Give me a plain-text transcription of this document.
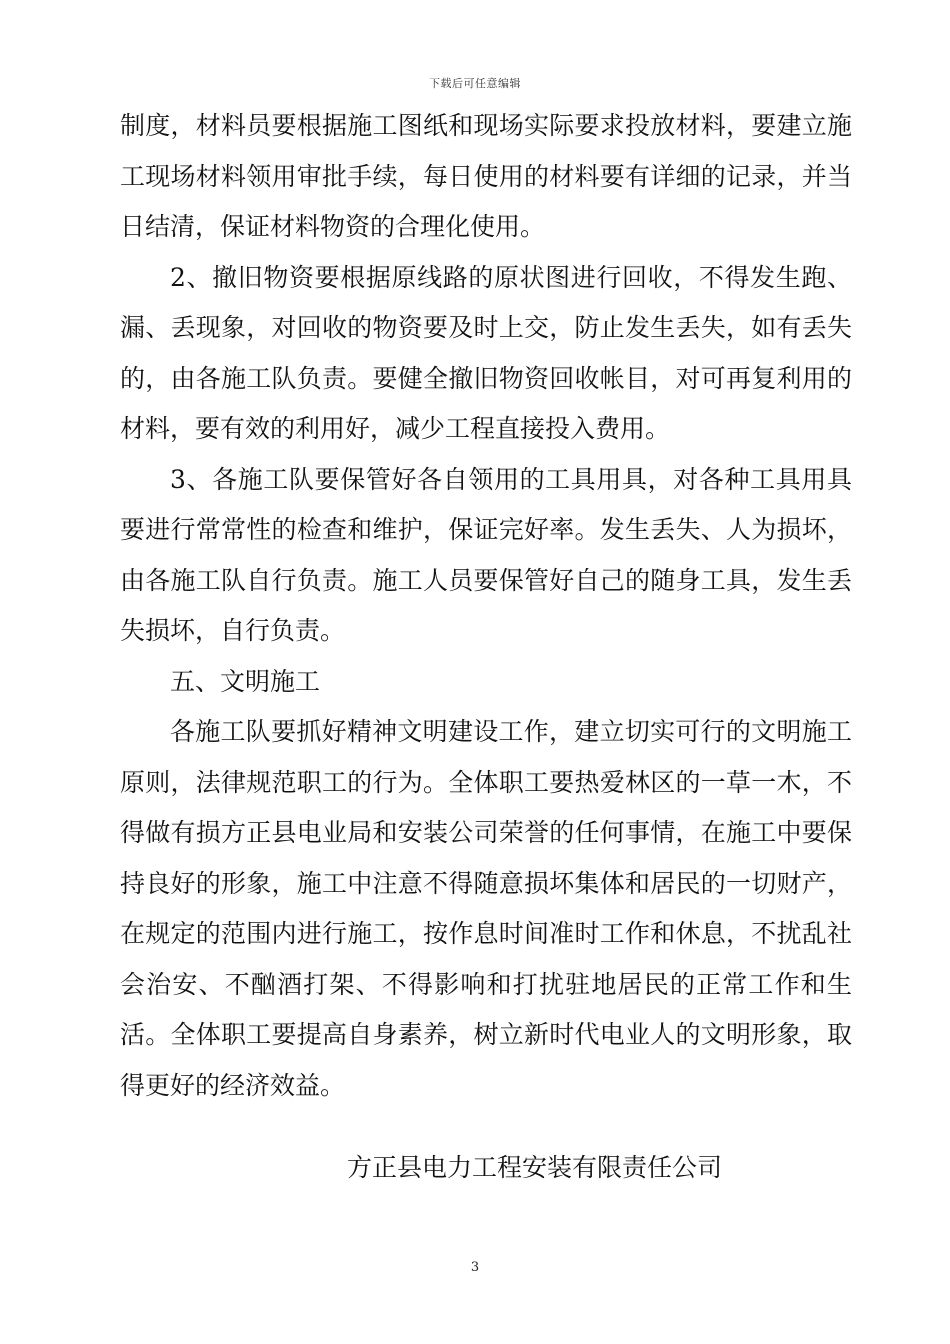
下载后可任意编辑

制度，材料员要根据施工图纸和现场实际要求投放材料，要建立施工现场材料领用审批手续，每日使用的材料要有详细的记录，并当日结清，保证材料物资的合理化使用。

2、撤旧物资要根据原线路的原状图进行回收，不得发生跑、漏、丢现象，对回收的物资要及时上交，防止发生丢失，如有丢失的，由各施工队负责。要健全撤旧物资回收帐目，对可再复利用的材料，要有效的利用好，减少工程直接投入费用。

3、各施工队要保管好各自领用的工具用具，对各种工具用具要进行常常性的检查和维护，保证完好率。发生丢失、人为损坏，由各施工队自行负责。施工人员要保管好自己的随身工具，发生丢失损坏，自行负责。

五、文明施工

各施工队要抓好精神文明建设工作，建立切实可行的文明施工原则，法律规范职工的行为。全体职工要热爱林区的一草一木，不得做有损方正县电业局和安装公司荣誉的任何事情，在施工中要保持良好的形象，施工中注意不得随意损坏集体和居民的一切财产，在规定的范围内进行施工，按作息时间准时工作和休息，不扰乱社会治安、不酗酒打架、不得影响和打扰驻地居民的正常工作和生活。全体职工要提高自身素养，树立新时代电业人的文明形象，取得更好的经济效益。

方正县电力工程安装有限责任公司
3
